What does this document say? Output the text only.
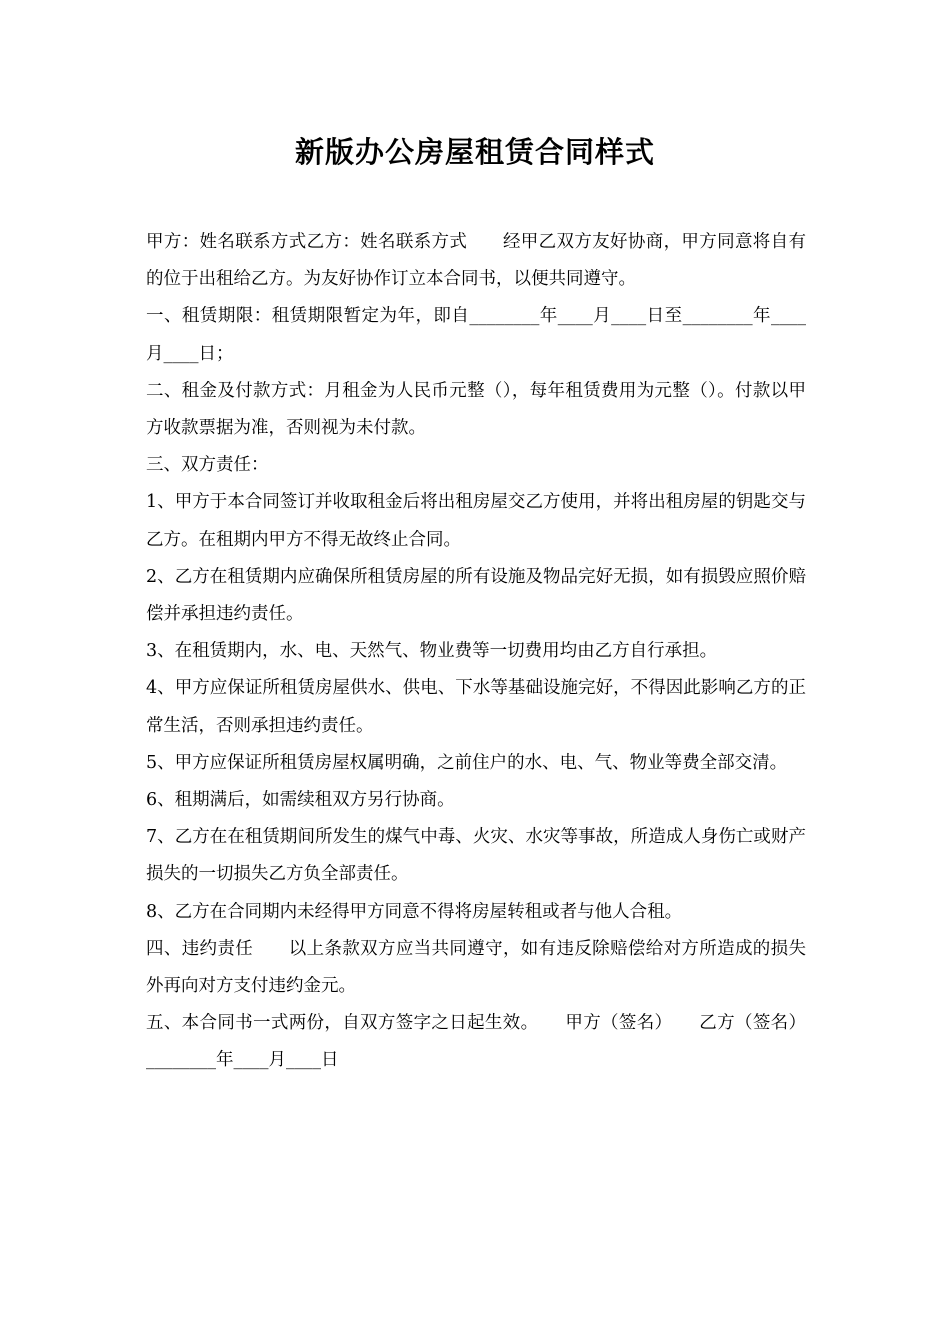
新版办公房屋租赁合同样式

甲方：姓名联系方式乙方：姓名联系方式　　经甲乙双方友好协商，甲方同意将自有的位于出租给乙方。为友好协作订立本合同书，以便共同遵守。

一、租赁期限：租赁期限暂定为年，即自________年____月____日至________年____月____日；

二、租金及付款方式：月租金为人民币元整（），每年租赁费用为元整（）。付款以甲方收款票据为准，否则视为未付款。

三、双方责任：

1、甲方于本合同签订并收取租金后将出租房屋交乙方使用，并将出租房屋的钥匙交与乙方。在租期内甲方不得无故终止合同。

2、乙方在租赁期内应确保所租赁房屋的所有设施及物品完好无损，如有损毁应照价赔偿并承担违约责任。

3、在租赁期内，水、电、天然气、物业费等一切费用均由乙方自行承担。

4、甲方应保证所租赁房屋供水、供电、下水等基础设施完好，不得因此影响乙方的正常生活，否则承担违约责任。

5、甲方应保证所租赁房屋权属明确，之前住户的水、电、气、物业等费全部交清。

6、租期满后，如需续租双方另行协商。

7、乙方在在租赁期间所发生的煤气中毒、火灾、水灾等事故，所造成人身伤亡或财产损失的一切损失乙方负全部责任。

8、乙方在合同期内未经得甲方同意不得将房屋转租或者与他人合租。

四、违约责任　　以上条款双方应当共同遵守，如有违反除赔偿给对方所造成的损失外再向对方支付违约金元。

五、本合同书一式两份，自双方签字之日起生效。　　甲方（签名）　　乙方（签名）________年____月____日
